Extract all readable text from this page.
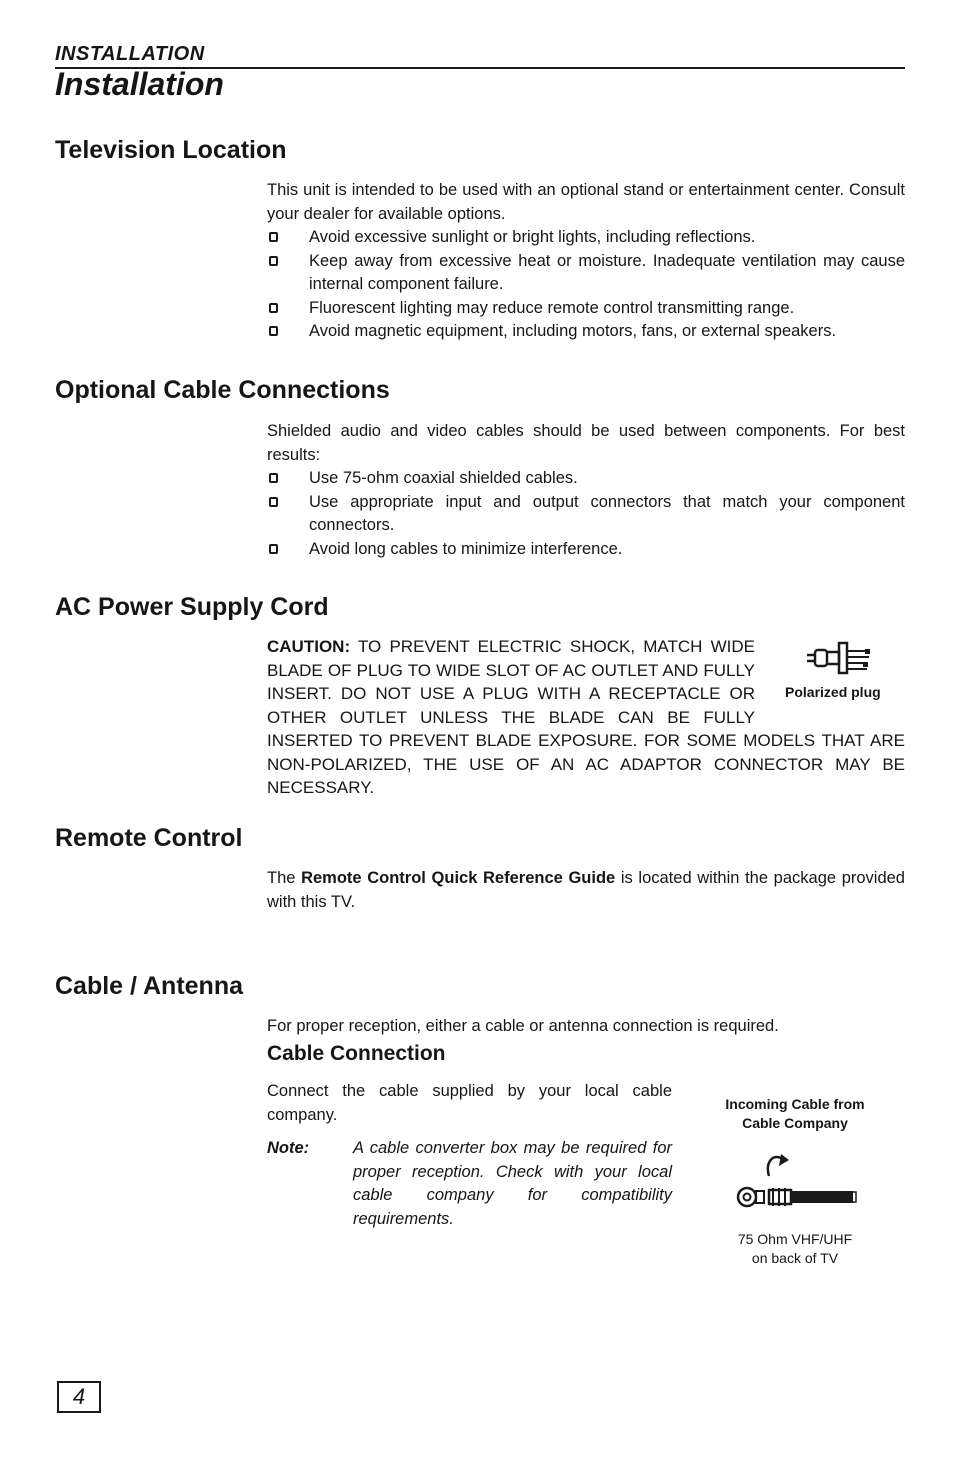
INSTALLATION
Installation
Television Location
This unit is intended to be used with an optional stand or entertainment center. Consult your dealer for available options.
Avoid excessive sunlight or bright lights, including reflections.
Keep away from excessive heat or moisture. Inadequate ventilation may cause internal component failure.
Fluorescent lighting may reduce remote control transmitting range.
Avoid magnetic equipment, including motors, fans, or external speakers.
Optional Cable Connections
Shielded audio and video cables should be used between components. For best results:
Use 75-ohm coaxial shielded cables.
Use appropriate input and output connectors that match your component connectors.
Avoid long cables to minimize interference.
AC Power Supply Cord
Polarized plug
CAUTION: TO PREVENT ELECTRIC SHOCK, MATCH WIDE BLADE OF PLUG TO WIDE SLOT OF AC OUTLET AND FULLY INSERT. DO NOT USE A PLUG WITH A RECEPTACLE OR OTHER OUTLET UNLESS THE BLADE CAN BE FULLY INSERTED TO PREVENT BLADE EXPOSURE. FOR SOME MODELS THAT ARE NON-POLARIZED, THE USE OF AN AC ADAPTOR CONNECTOR MAY BE NECESSARY.
Remote Control
The Remote Control Quick Reference Guide is located within the package provided with this TV.
Cable / Antenna
For proper reception, either a cable or antenna connection is required.
Cable Connection
Connect the cable supplied by your local cable company.
Note:	A cable converter box may be required for proper reception. Check with your local cable company for compatibility requirements.
Incoming Cable from
Cable Company
75 Ohm VHF/UHF
on back of TV
4
